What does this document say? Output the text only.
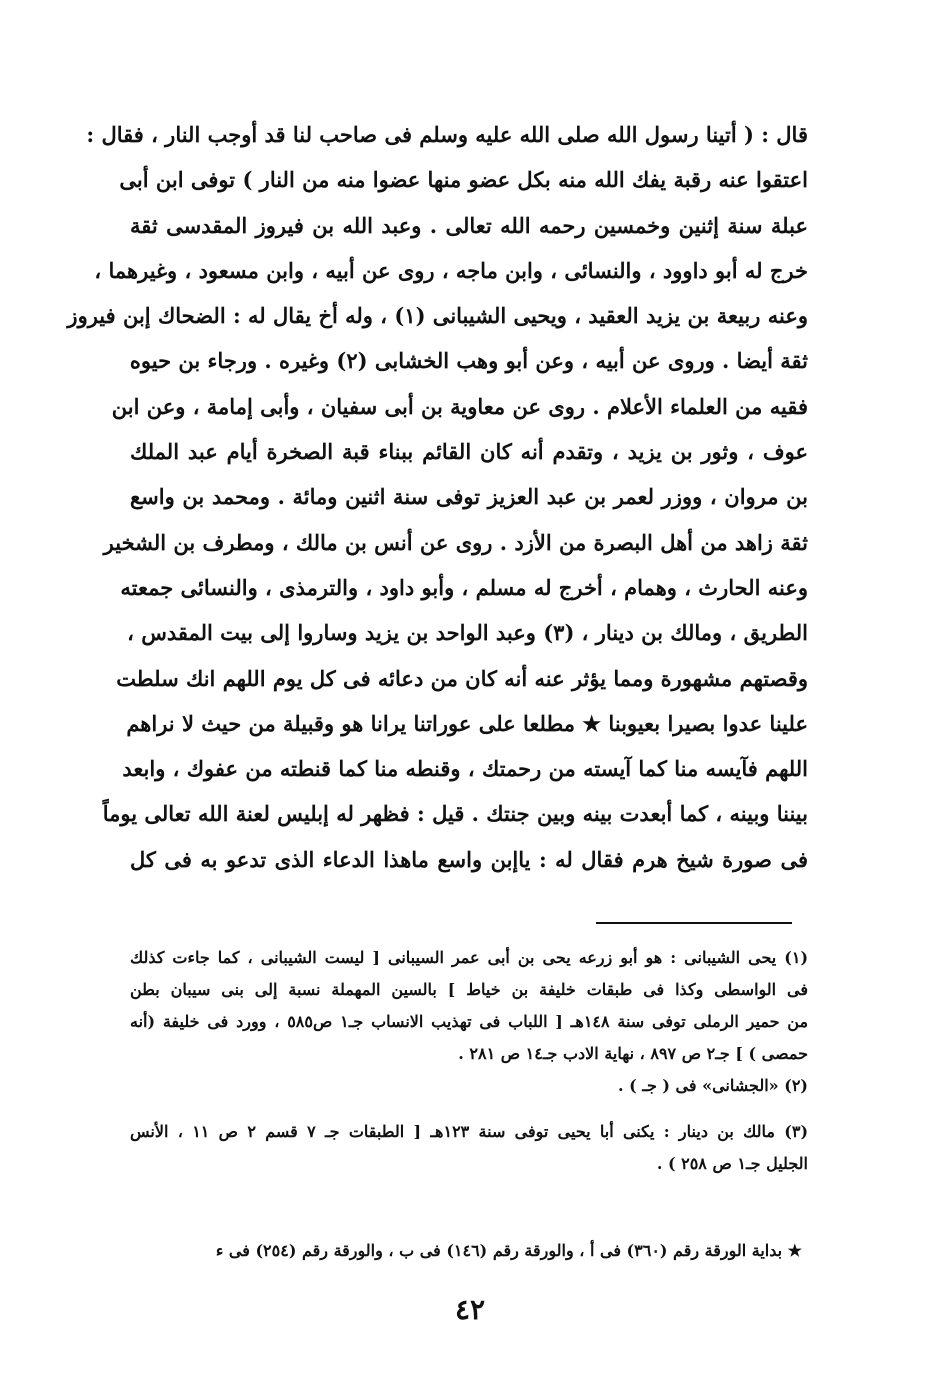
قال : ( أتينا رسول الله صلى الله عليه وسلم فى صاحب لنا قد أوجب النار ، فقال :
اعتقوا عنه رقبة يفك الله منه بكل عضو منها عضوا منه من النار ) توفى ابن أبى
عبلة سنة إثنين وخمسين رحمه الله تعالى . وعبد الله بن فيروز المقدسى ثقة
خرج له أبو داوود ، والنسائى ، وابن ماجه ، روى عن أبيه ، وابن مسعود ، وغيرهما ،
وعنه ربيعة بن يزيد العقيد ، ويحيى الشيبانى (١) ، وله أخ يقال له : الضحاك إبن فيروز
ثقة أيضا . وروى عن أبيه ، وعن أبو وهب الخشابى (٢) وغيره . ورجاء بن حيوه
فقيه من العلماء الأعلام . روى عن معاوية بن أبى سفيان ، وأبى إمامة ، وعن ابن
عوف ، وثور بن يزيد ، وتقدم أنه كان القائم ببناء قبة الصخرة أيام عبد الملك
بن مروان ، ووزر لعمر بن عبد العزيز توفى سنة اثنين ومائة . ومحمد بن واسع
ثقة زاهد من أهل البصرة من الأزد . روى عن أنس بن مالك ، ومطرف بن الشخير
وعنه الحارث ، وهمام ، أخرج له مسلم ، وأبو داود ، والترمذى ، والنسائى جمعته
الطريق ، ومالك بن دينار ، (٣) وعبد الواحد بن يزيد وساروا إلى بيت المقدس ،
وقصتهم مشهورة ومما يؤثر عنه أنه كان من دعائه فى كل يوم اللهم انك سلطت
علينا عدوا بصيرا بعيوبنا ★ مطلعا على عوراتنا يرانا هو وقبيلة من حيث لا نراهم
اللهم فآيسه منا كما آيسته من رحمتك ، وقنطه منا كما قنطته من عفوك ، وابعد
بيننا وبينه ، كما أبعدت بينه وبين جنتك . قيل : فظهر له إبليس لعنة الله تعالى يوماً
فى صورة شيخ هرم فقال له : ياإبن واسع ماهذا الدعاء الذى تدعو به فى كل
(١) يحى الشيبانى : هو أبو زرعه يحى بن أبى عمر السيبانى [ ليست الشيبانى ، كما جاءت كذلك
فى الواسطى وكذا فى طبقات خليفة بن خياط ] بالسين المهملة نسبة إلى بنى سيبان بطن
من حمير الرملى توفى سنة ١٤٨هـ [ اللباب فى تهذيب الانساب جـ١ ص٥٨٥ ، وورد فى خليفة (أنه
حمصى ) ] جـ٢ ص ٨٩٧ ، نهاية الادب جـ١٤ ص ٢٨١ .
(٢) «الجشانى» فى ( جـ ) .
(٣) مالك بن دينار : يكنى أبا يحيى توفى سنة ١٢٣هـ [ الطبقات جـ ٧ قسم ٢ ص ١١ ، الأنس
الجليل جـ١ ص ٢٥٨ ) .
★ بداية الورقة رقم (٣٦٠) فى أ ، والورقة رقم (١٤٦) فى ب ، والورقة رقم (٢٥٤) فى ء
٤٢
